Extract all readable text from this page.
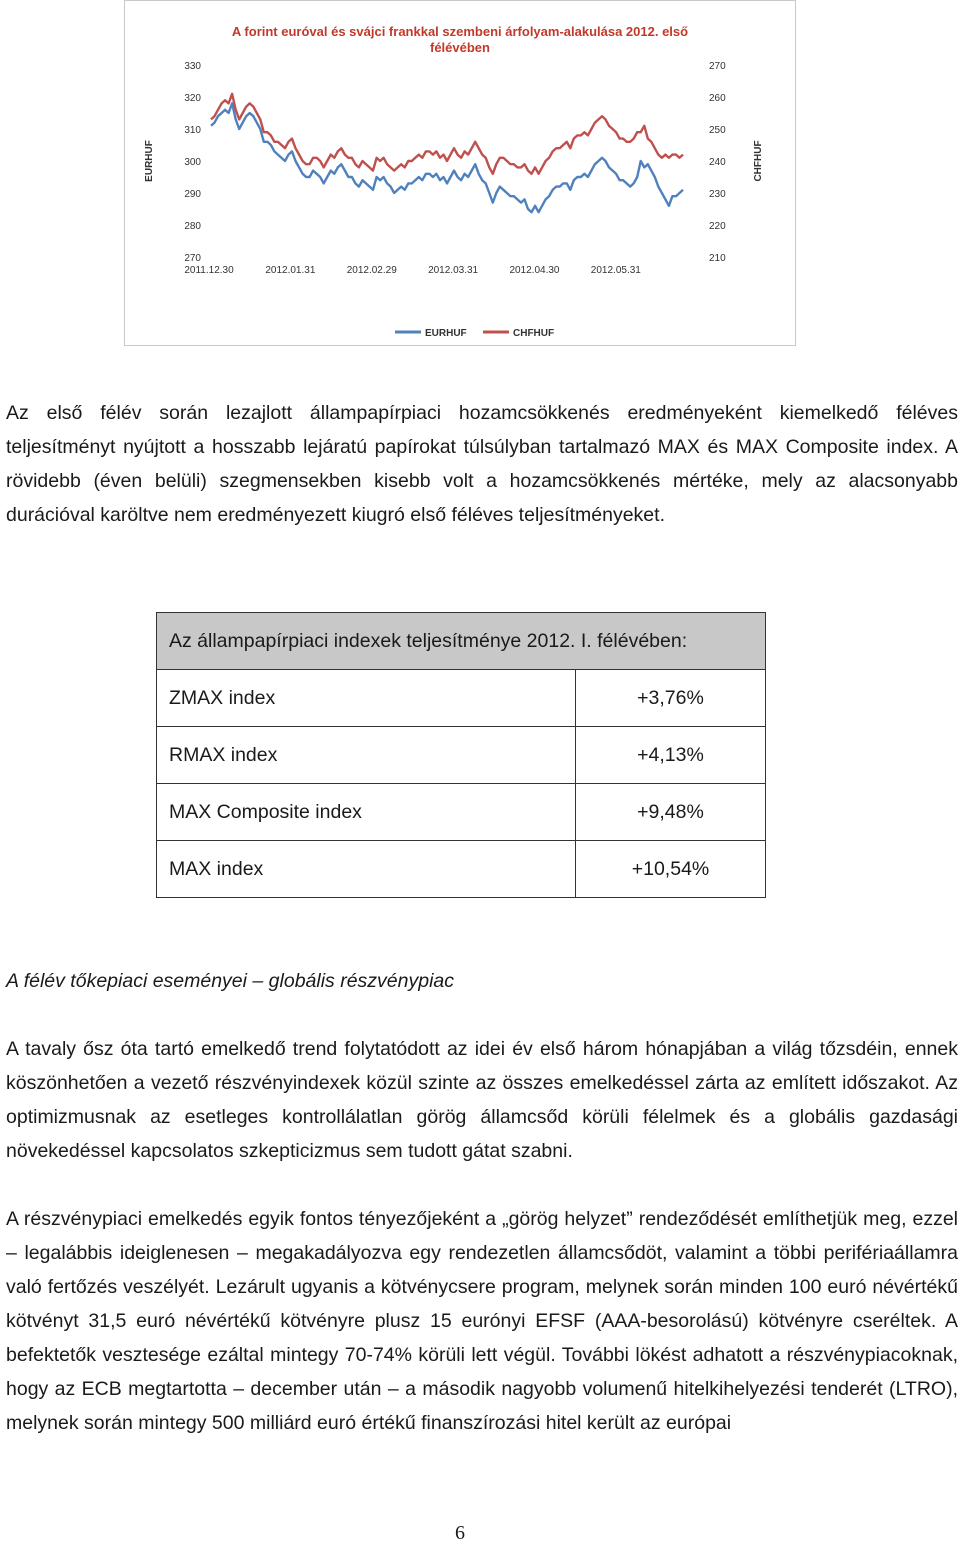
A forint euróval és svájci frankkal szembeni árfolyam-alakulása 2012. első
félévében
270
280
290
300
310
320
330
210
220
230
240
250
260
270
EURHUF	CHFHUF
2011.12.30	2012.01.31	2012.02.29	2012.03.31	2012.04.30	2012.05.31
EURHUF	CHFHUF

Az első félév során lezajlott állampapírpiaci hozamcsökkenés eredményeként kiemelkedő féléves teljesítményt nyújtott a hosszabb lejáratú papírokat túlsúlyban tartalmazó MAX és MAX Composite index. A rövidebb (éven belüli) szegmensekben kisebb volt a hozamcsökkenés mértéke, mely az alacsonyabb durációval karöltve nem eredményezett kiugró első féléves teljesítményeket.

Az állampapírpiaci indexek teljesítménye 2012. I. félévében:	
ZMAX index	+3,76%
RMAX index	+4,13%
MAX Composite index	+9,48%
MAX index	+10,54%

A félév tőkepiaci eseményei – globális részvénypiac

A tavaly ősz óta tartó emelkedő trend folytatódott az idei év első három hónapjában a világ tőzsdéin, ennek köszönhetően a vezető részvényindexek közül szinte az összes emelkedéssel zárta az említett időszakot. Az optimizmusnak az esetleges kontrollálatlan görög államcsőd körüli félelmek és a globális gazdasági növekedéssel kapcsolatos szkepticizmus sem tudott gátat szabni.

A részvénypiaci emelkedés egyik fontos tényezőjeként a „görög helyzet” rendeződését említhetjük meg, ezzel – legalábbis ideiglenesen – megakadályozva egy rendezetlen államcsődöt, valamint a többi perifériaállamra való fertőzés veszélyét. Lezárult ugyanis a kötvénycsere program, melynek során minden 100 euró névértékű kötvényt 31,5 euró névértékű kötvényre plusz 15 eurónyi EFSF (AAA-besorolású) kötvényre cseréltek. A befektetők vesztesége ezáltal mintegy 70-74% körüli lett végül. További lökést adhatott a részvénypiacoknak, hogy az ECB megtartotta – december után – a második nagyobb volumenű hitelkihelyezési tenderét (LTRO), melynek során mintegy 500 milliárd euró értékű finanszírozási hitel került az európai

6
